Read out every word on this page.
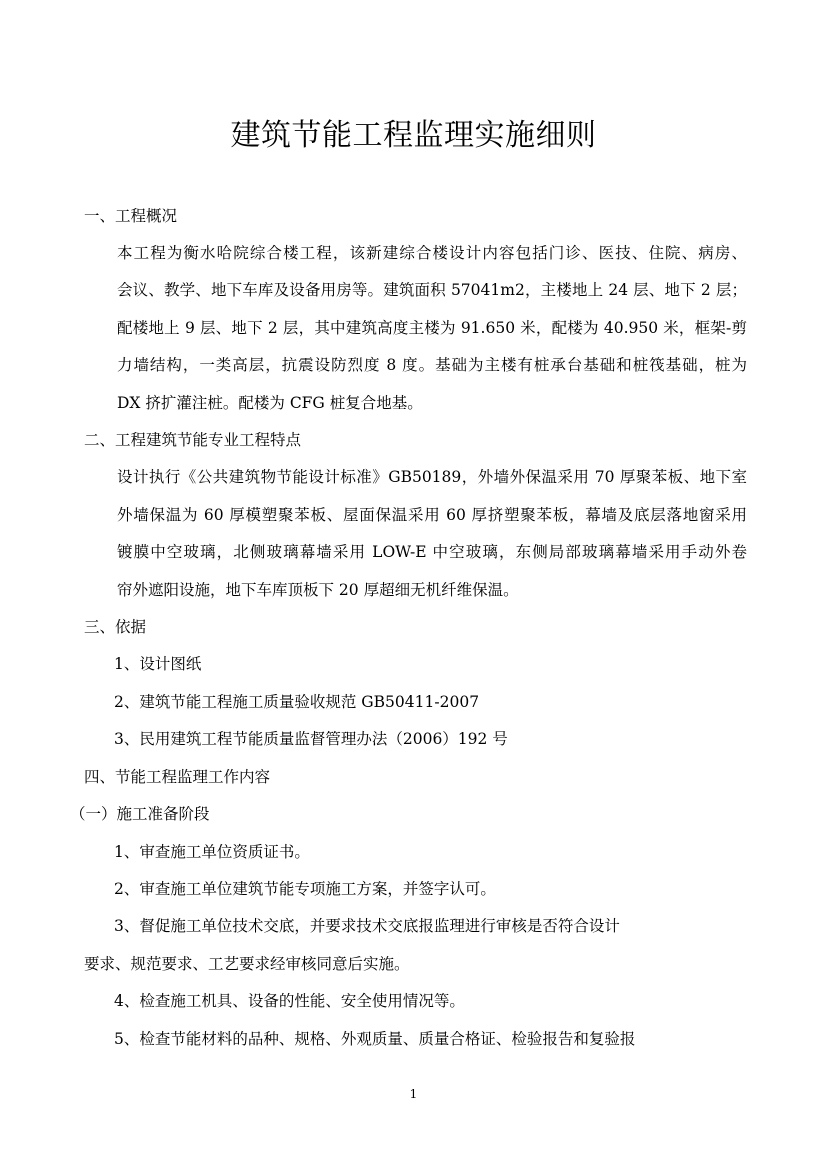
建筑节能工程监理实施细则
一、工程概况
本工程为衡水哈院综合楼工程，该新建综合楼设计内容包括门诊、医技、住院、病房、
会议、教学、地下车库及设备用房等。建筑面积 57041m2，主楼地上 24 层、地下 2 层；
配楼地上 9 层、地下 2 层，其中建筑高度主楼为 91.650 米，配楼为 40.950 米，框架-剪
力墙结构，一类高层，抗震设防烈度 8 度。基础为主楼有桩承台基础和桩筏基础，桩为
DX 挤扩灌注桩。配楼为 CFG 桩复合地基。
二、工程建筑节能专业工程特点
设计执行《公共建筑物节能设计标准》GB50189，外墙外保温采用 70 厚聚苯板、地下室
外墙保温为 60 厚模塑聚苯板、屋面保温采用 60 厚挤塑聚苯板，幕墙及底层落地窗采用
镀膜中空玻璃，北侧玻璃幕墙采用 LOW-E 中空玻璃，东侧局部玻璃幕墙采用手动外卷
帘外遮阳设施，地下车库顶板下 20 厚超细无机纤维保温。
三、依据
1、设计图纸
2、建筑节能工程施工质量验收规范 GB50411-2007
3、民用建筑工程节能质量监督管理办法（2006）192 号
四、节能工程监理工作内容
（一）施工准备阶段
1、审查施工单位资质证书。
2、审查施工单位建筑节能专项施工方案，并签字认可。
3、督促施工单位技术交底，并要求技术交底报监理进行审核是否符合设计
要求、规范要求、工艺要求经审核同意后实施。
4、检查施工机具、设备的性能、安全使用情况等。
5、检查节能材料的品种、规格、外观质量、质量合格证、检验报告和复验报
1
